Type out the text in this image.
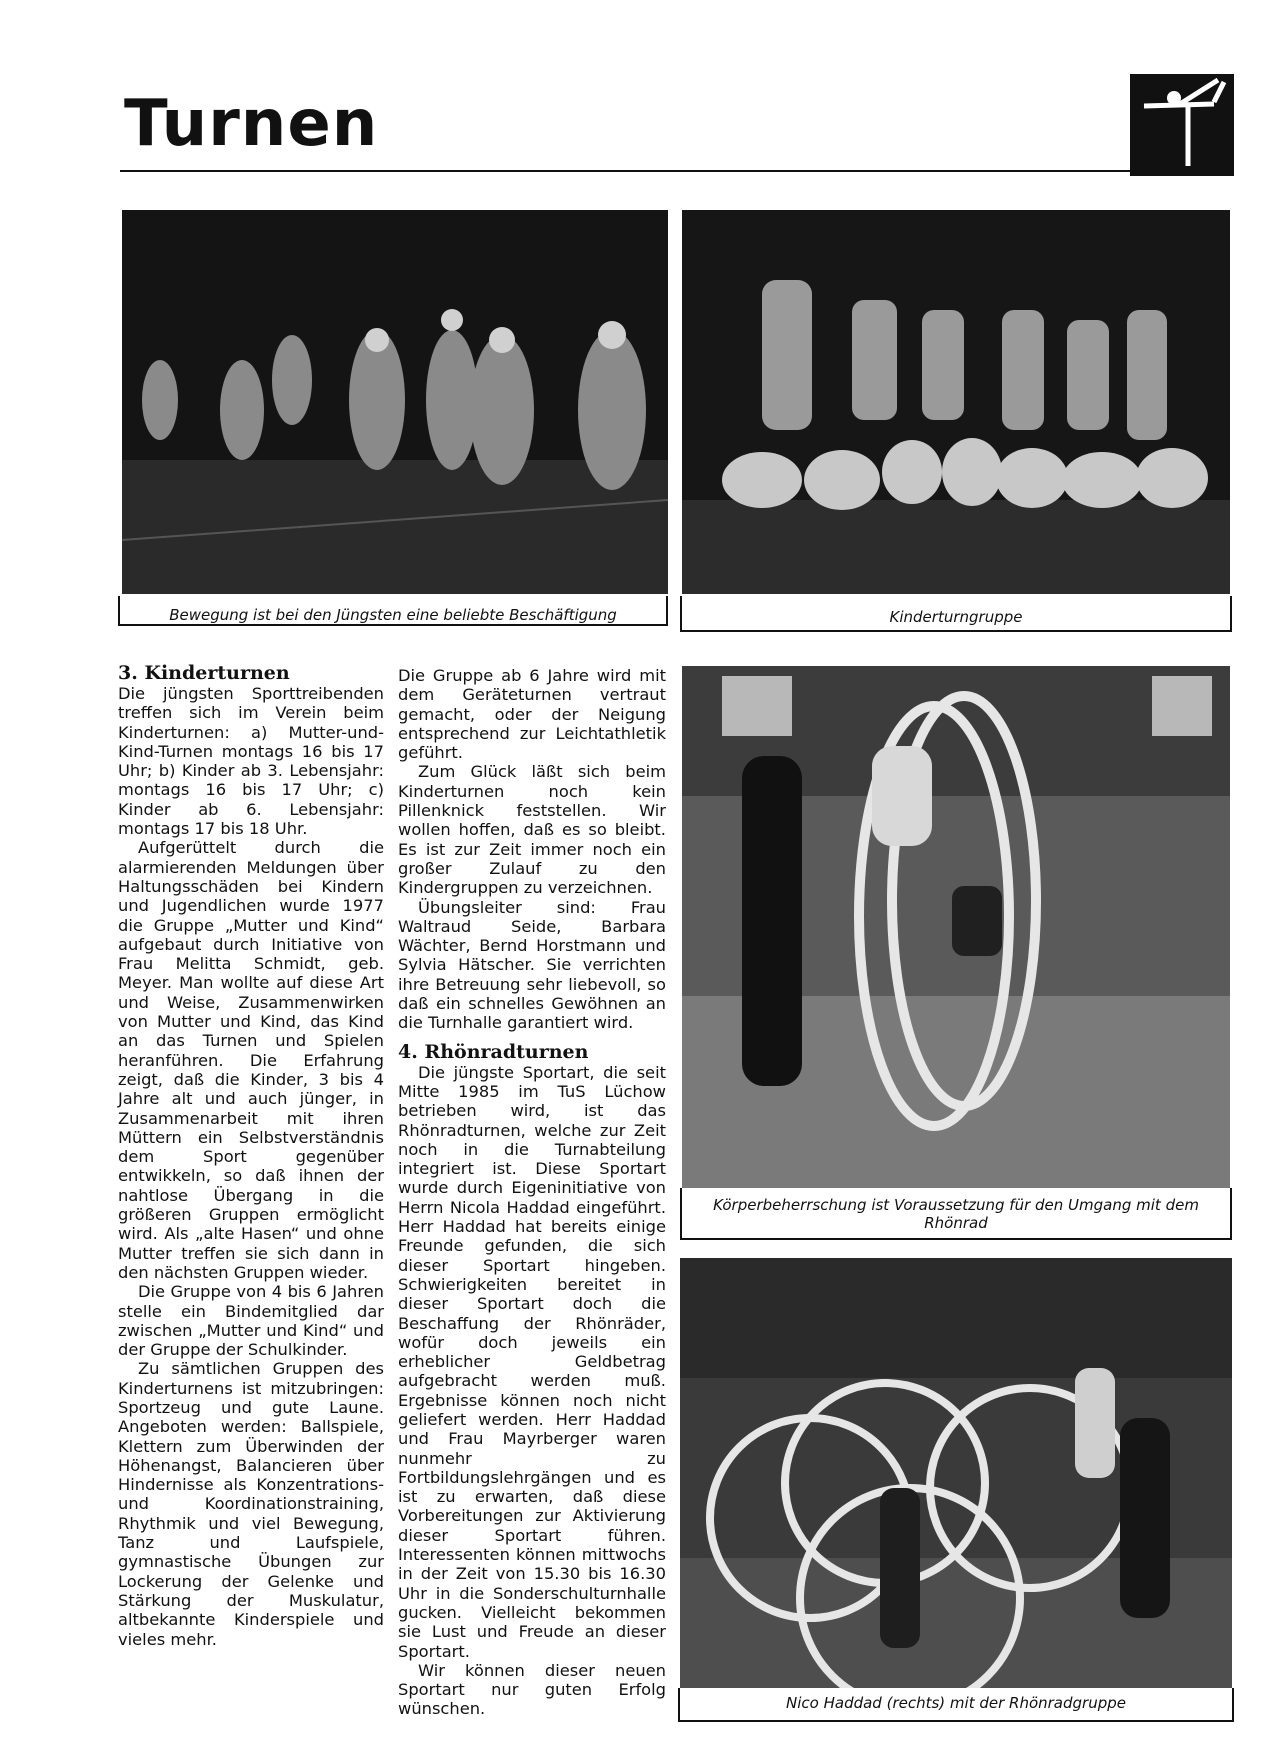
Turnen
Bewegung ist bei den Jüngsten eine beliebte Beschäftigung	Kinderturngruppe
Körperbeherrschung ist Voraussetzung für den Umgang mit dem Rhönrad
Nico Haddad (rechts) mit der Rhönradgruppe
3. Kinderturnen

Die jüngsten Sporttreibenden treffen sich im Verein beim Kinderturnen: a) Mutter-und-Kind-Turnen montags 16 bis 17 Uhr; b) Kinder ab 3. Lebensjahr: montags 16 bis 17 Uhr; c) Kinder ab 6. Lebensjahr: montags 17 bis 18 Uhr.

Aufgerüttelt durch die alarmierenden Meldungen über Haltungsschäden bei Kindern und Jugendlichen wurde 1977 die Gruppe „Mutter und Kind“ aufgebaut durch Initiative von Frau Melitta Schmidt, geb. Meyer. Man wollte auf diese Art und Weise, Zusammenwirken von Mutter und Kind, das Kind an das Turnen und Spielen heranführen. Die Erfahrung zeigt, daß die Kinder, 3 bis 4 Jahre alt und auch jünger, in Zusammenarbeit mit ihren Müttern ein Selbstverständnis dem Sport gegenüber entwikkeln, so daß ihnen der nahtlose Übergang in die größeren Gruppen ermöglicht wird. Als „alte Hasen“ und ohne Mutter treffen sie sich dann in den nächsten Gruppen wieder.

Die Gruppe von 4 bis 6 Jahren stelle ein Bindemitglied dar zwischen „Mutter und Kind“ und der Gruppe der Schulkinder.

Zu sämtlichen Gruppen des Kinderturnens ist mitzubringen: Sportzeug und gute Laune. Angeboten werden: Ballspiele, Klettern zum Überwinden der Höhenangst, Balancieren über Hindernisse als Konzentrations- und Koordinationstraining, Rhythmik und viel Bewegung, Tanz und Laufspiele, gymnastische Übungen zur Lockerung der Gelenke und Stärkung der Muskulatur, altbekannte Kinderspiele und vieles mehr.

Die Gruppe ab 6 Jahre wird mit dem Geräteturnen vertraut gemacht, oder der Neigung entsprechend zur Leichtathletik geführt.

Zum Glück läßt sich beim Kinderturnen noch kein Pillenknick feststellen. Wir wollen hoffen, daß es so bleibt. Es ist zur Zeit immer noch ein großer Zulauf zu den Kindergruppen zu verzeichnen.

Übungsleiter sind: Frau Waltraud Seide, Barbara Wächter, Bernd Horstmann und Sylvia Hätscher. Sie verrichten ihre Betreuung sehr liebevoll, so daß ein schnelles Gewöhnen an die Turnhalle garantiert wird.

4. Rhönradturnen

Die jüngste Sportart, die seit Mitte 1985 im TuS Lüchow betrieben wird, ist das Rhönradturnen, welche zur Zeit noch in die Turnabteilung integriert ist. Diese Sportart wurde durch Eigeninitiative von Herrn Nicola Haddad eingeführt. Herr Haddad hat bereits einige Freunde gefunden, die sich dieser Sportart hingeben. Schwierigkeiten bereitet in dieser Sportart doch die Beschaffung der Rhönräder, wofür doch jeweils ein erheblicher Geldbetrag aufgebracht werden muß. Ergebnisse können noch nicht geliefert werden. Herr Haddad und Frau Mayrberger waren nunmehr zu Fortbildungslehrgängen und es ist zu erwarten, daß diese Vorbereitungen zur Aktivierung dieser Sportart führen. Interessenten können mittwochs in der Zeit von 15.30 bis 16.30 Uhr in die Sonderschulturnhalle gucken. Vielleicht bekommen sie Lust und Freude an dieser Sportart.

Wir können dieser neuen Sportart nur guten Erfolg wünschen.
